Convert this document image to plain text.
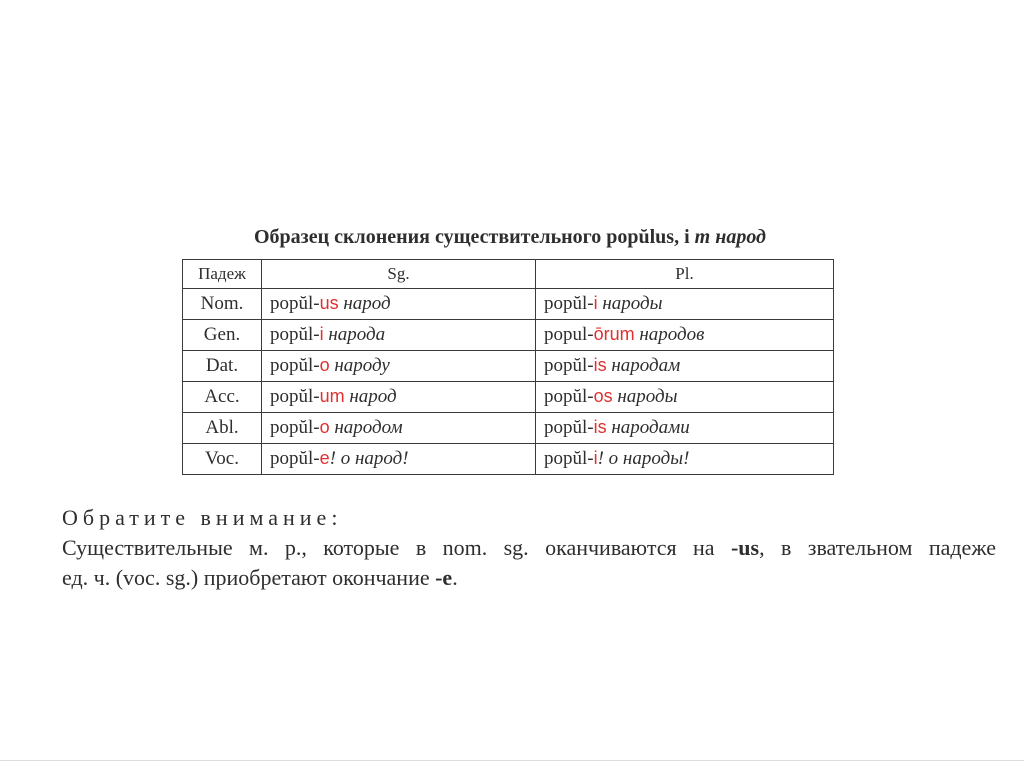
Образец склонения существительного popŭlus, i m народ
Падеж	Sg.	Pl.
Nom.	popŭl-us народ	popŭl-i народы
Gen.	popŭl-i народа	popul-ōrum народов
Dat.	popŭl-o народу	popŭl-is народам
Acc.	popŭl-um народ	popŭl-os народы
Abl.	popŭl-o народом	popŭl-is народами
Voc.	popŭl-e! о народ!	popŭl-i! о народы!
Обратите внимание:
Существительные м. р., которые в nom. sg. оканчиваются на -us, в звательном падеже
ед. ч. (voc. sg.) приобретают окончание -е.
